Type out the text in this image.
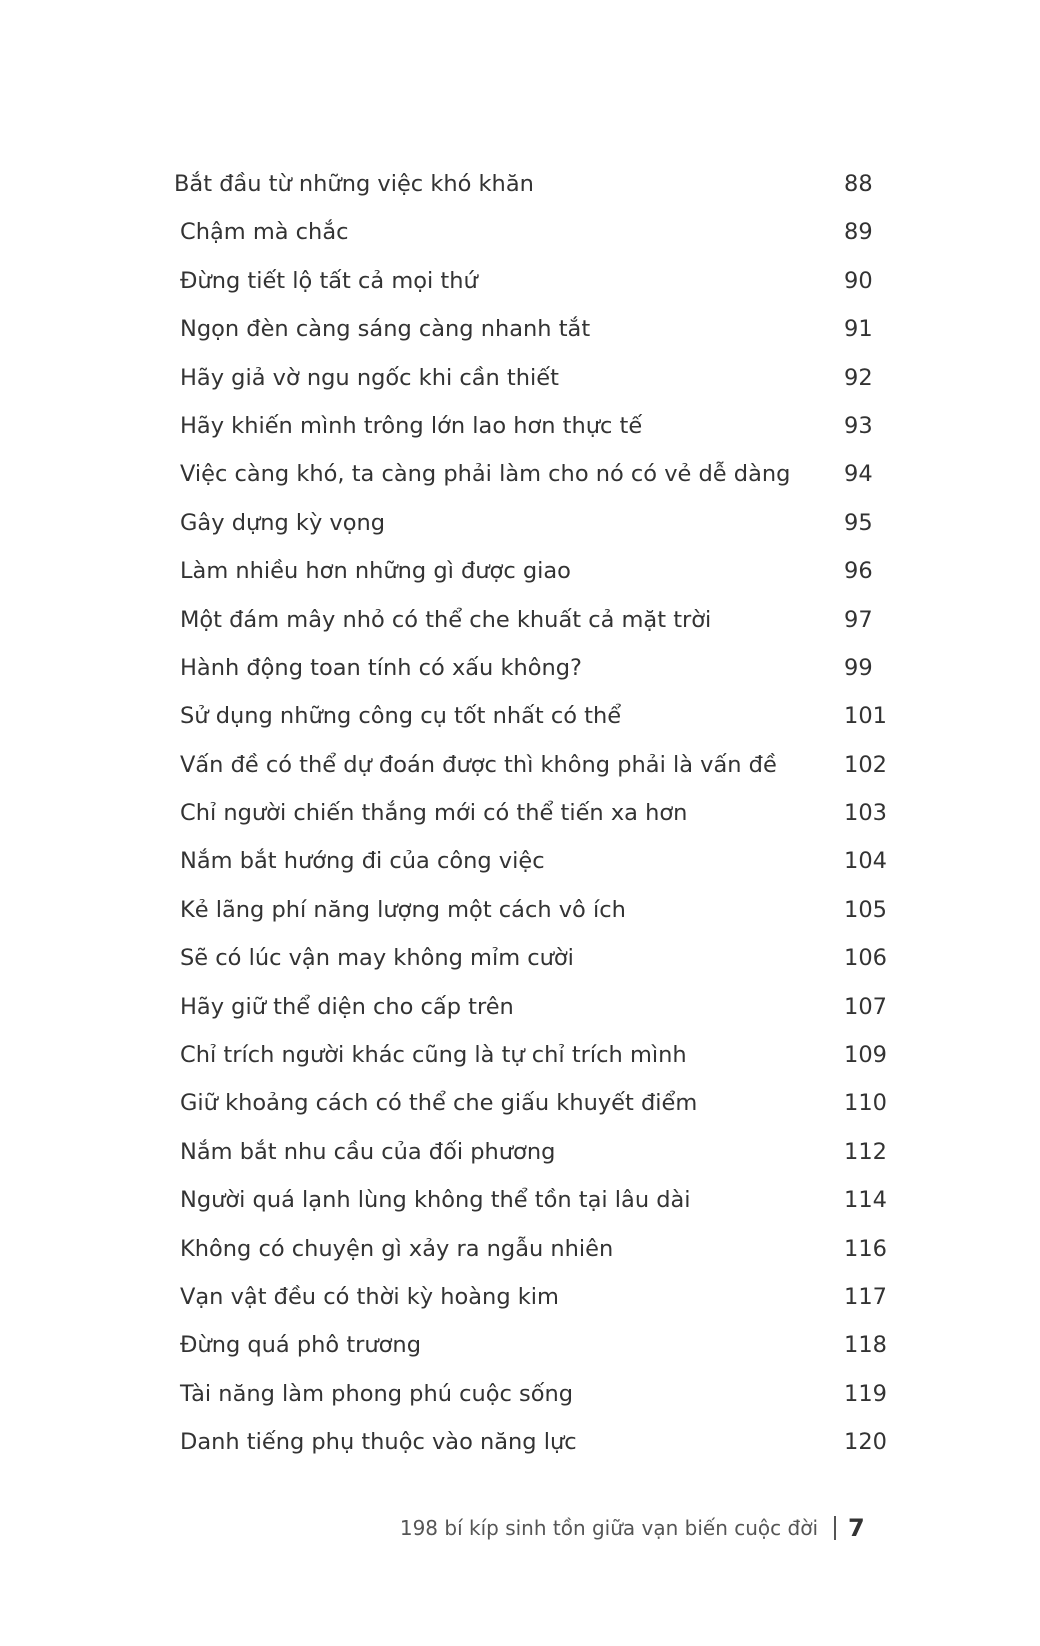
Bắt đầu từ những việc khó khăn	88
Chậm mà chắc	89
Đừng tiết lộ tất cả mọi thứ	90
Ngọn đèn càng sáng càng nhanh tắt	91
Hãy giả vờ ngu ngốc khi cần thiết	92
Hãy khiến mình trông lớn lao hơn thực tế	93
Việc càng khó, ta càng phải làm cho nó có vẻ dễ dàng 94
Gây dựng kỳ vọng	95
Làm nhiều hơn những gì được giao	96
Một đám mây nhỏ có thể che khuất cả mặt trời	97
Hành động toan tính có xấu không?	99
Sử dụng những công cụ tốt nhất có thể	101
Vấn đề có thể dự đoán được thì không phải là vấn đề	102
Chỉ người chiến thắng mới có thể tiến xa hơn	103
Nắm bắt hướng đi của công việc	104
Kẻ lãng phí năng lượng một cách vô ích	105
Sẽ có lúc vận may không mỉm cười	106
Hãy giữ thể diện cho cấp trên	107
Chỉ trích người khác cũng là tự chỉ trích mình	109
Giữ khoảng cách có thể che giấu khuyết điểm	110
Nắm bắt nhu cầu của đối phương	112
Người quá lạnh lùng không thể tồn tại lâu dài	114
Không có chuyện gì xảy ra ngẫu nhiên	116
Vạn vật đều có thời kỳ hoàng kim	117
Đừng quá phô trương	118
Tài năng làm phong phú cuộc sống	119
Danh tiếng phụ thuộc vào năng lực	120
198 bí kíp sinh tồn giữa vạn biến cuộc đời 7
